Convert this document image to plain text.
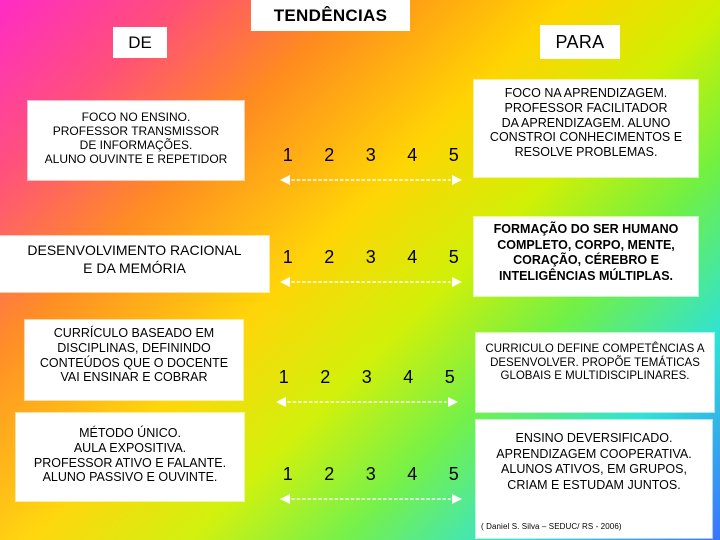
TENDÊNCIAS
DE	PARA
FOCO NO ENSINO.
PROFESSOR TRANSMISSOR
DE INFORMAÇÕES.
ALUNO OUVINTE E REPETIDOR
FOCO NA APRENDIZAGEM.
PROFESSOR FACILITADOR
DA APRENDIZAGEM. ALUNO
CONSTROI CONHECIMENTOS E
RESOLVE PROBLEMAS.
DESENVOLVIMENTO RACIONAL
E DA MEMÓRIA
FORMAÇÃO DO SER HUMANO
COMPLETO, CORPO, MENTE,
CORAÇÃO, CÉREBRO E
INTELIGÊNCIAS MÚLTIPLAS.
CURRÍCULO BASEADO EM
DISCIPLINAS, DEFININDO
CONTEÚDOS QUE O DOCENTE
VAI ENSINAR E COBRAR
CURRICULO DEFINE COMPETÊNCIAS A
DESENVOLVER. PROPÕE TEMÁTICAS
GLOBAIS E MULTIDISCIPLINARES.
MÉTODO ÚNICO.
AULA EXPOSITIVA.
PROFESSOR ATIVO E FALANTE.
ALUNO PASSIVO E OUVINTE.
ENSINO DEVERSIFICADO.
APRENDIZAGEM COOPERATIVA.
ALUNOS ATIVOS, EM GRUPOS,
CRIAM E ESTUDAM JUNTOS.
1 2 3 4 5
1 2 3 4 5
1 2 3 4 5
1 2 3 4 5
( Daniel S. Silva – SEDUC/ RS - 2006)
